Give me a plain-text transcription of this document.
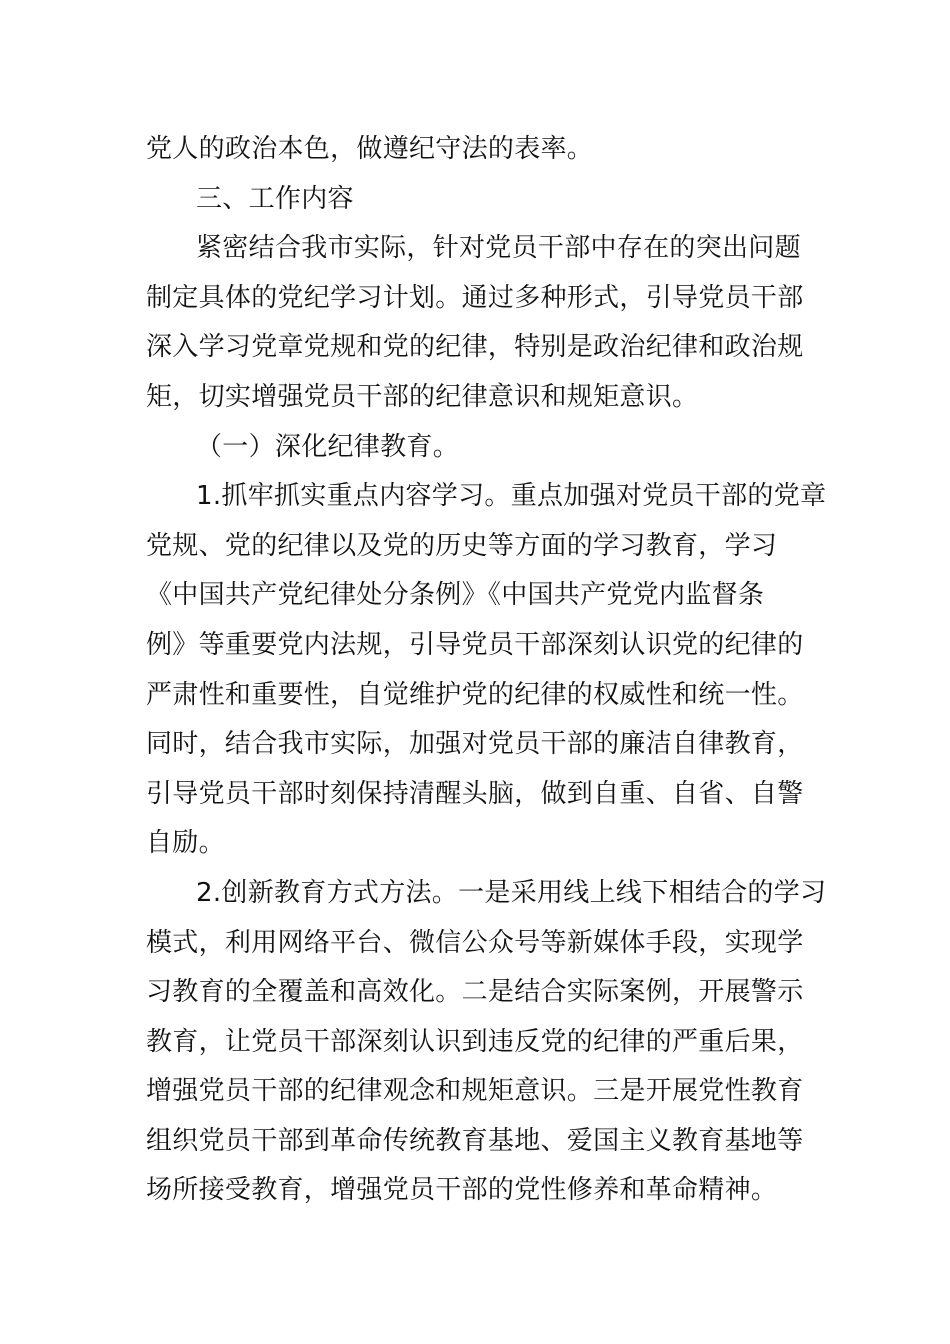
党人的政治本色，做遵纪守法的表率。
三、工作内容
紧密结合我市实际，针对党员干部中存在的突出问题
制定具体的党纪学习计划。通过多种形式，引导党员干部
深入学习党章党规和党的纪律，特别是政治纪律和政治规
矩，切实增强党员干部的纪律意识和规矩意识。
（一）深化纪律教育。
1.抓牢抓实重点内容学习。重点加强对党员干部的党章
党规、党的纪律以及党的历史等方面的学习教育，学习
《中国共产党纪律处分条例》《中国共产党党内监督条
例》等重要党内法规，引导党员干部深刻认识党的纪律的
严肃性和重要性，自觉维护党的纪律的权威性和统一性。
同时，结合我市实际，加强对党员干部的廉洁自律教育，
引导党员干部时刻保持清醒头脑，做到自重、自省、自警
自励。
2.创新教育方式方法。一是采用线上线下相结合的学习
模式，利用网络平台、微信公众号等新媒体手段，实现学
习教育的全覆盖和高效化。二是结合实际案例，开展警示
教育，让党员干部深刻认识到违反党的纪律的严重后果，
增强党员干部的纪律观念和规矩意识。三是开展党性教育
组织党员干部到革命传统教育基地、爱国主义教育基地等
场所接受教育，增强党员干部的党性修养和革命精神。
